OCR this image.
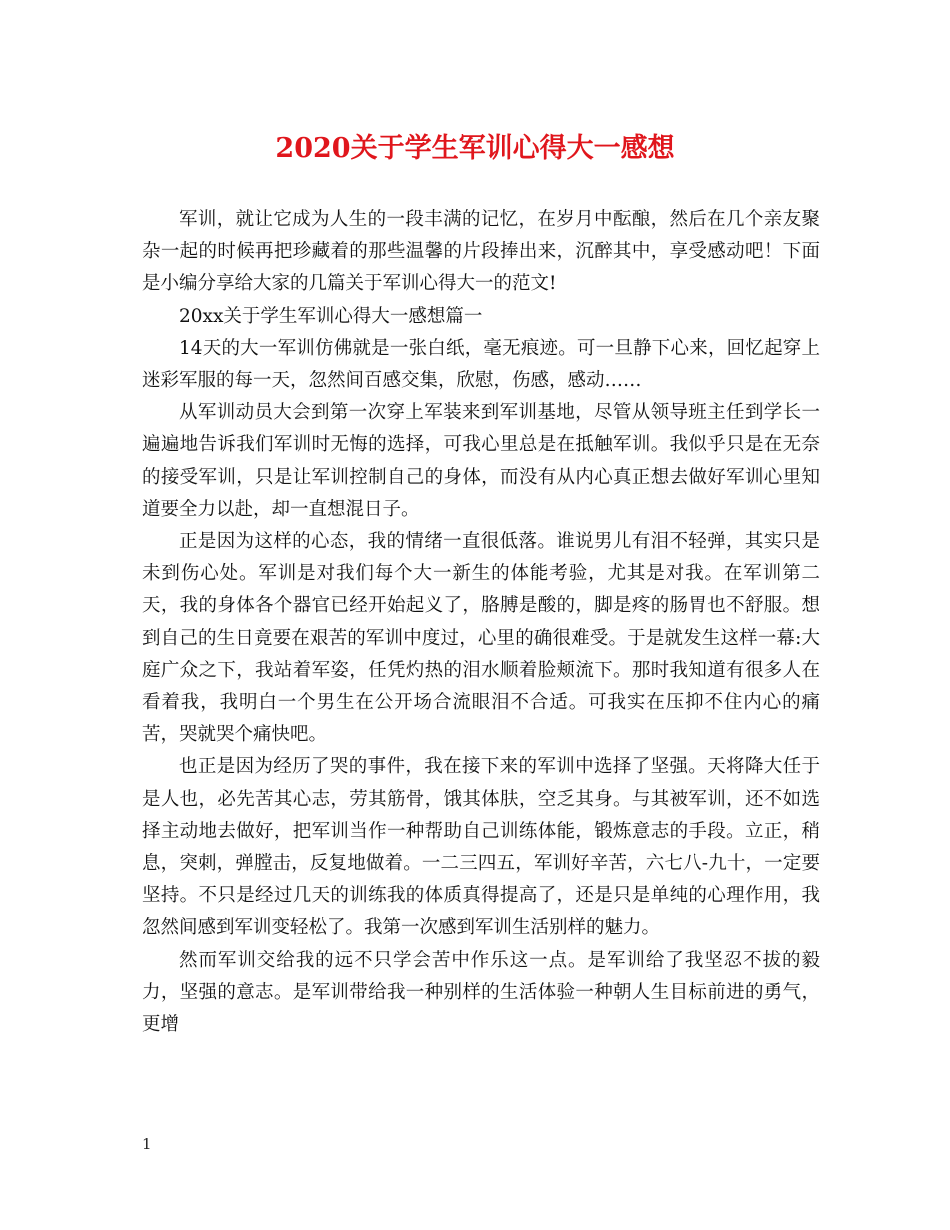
2020关于学生军训心得大一感想

军训，就让它成为人生的一段丰满的记忆，在岁月中酝酿，然后在几个亲友聚杂一起的时候再把珍藏着的那些温馨的片段捧出来，沉醉其中，享受感动吧！下面是小编分享给大家的几篇关于军训心得大一的范文!

20xx关于学生军训心得大一感想篇一

14天的大一军训仿佛就是一张白纸，毫无痕迹。可一旦静下心来，回忆起穿上迷彩军服的每一天，忽然间百感交集，欣慰，伤感，感动……

从军训动员大会到第一次穿上军装来到军训基地，尽管从领导班主任到学长一遍遍地告诉我们军训时无悔的选择，可我心里总是在抵触军训。我似乎只是在无奈的接受军训，只是让军训控制自己的身体，而没有从内心真正想去做好军训心里知道要全力以赴，却一直想混日子。

正是因为这样的心态，我的情绪一直很低落。谁说男儿有泪不轻弹，其实只是未到伤心处。军训是对我们每个大一新生的体能考验，尤其是对我。在军训第二天，我的身体各个器官已经开始起义了，胳膊是酸的，脚是疼的肠胃也不舒服。想到自己的生日竟要在艰苦的军训中度过，心里的确很难受。于是就发生这样一幕:大庭广众之下，我站着军姿，任凭灼热的泪水顺着脸颊流下。那时我知道有很多人在看着我，我明白一个男生在公开场合流眼泪不合适。可我实在压抑不住内心的痛苦，哭就哭个痛快吧。

也正是因为经历了哭的事件，我在接下来的军训中选择了坚强。天将降大任于是人也，必先苦其心志，劳其筋骨，饿其体肤，空乏其身。与其被军训，还不如选择主动地去做好，把军训当作一种帮助自己训练体能，锻炼意志的手段。立正，稍息，突刺，弹膛击，反复地做着。一二三四五，军训好辛苦，六七八-九十，一定要坚持。不只是经过几天的训练我的体质真得提高了，还是只是单纯的心理作用，我忽然间感到军训变轻松了。我第一次感到军训生活别样的魅力。

然而军训交给我的远不只学会苦中作乐这一点。是军训给了我坚忍不拔的毅力，坚强的意志。是军训带给我一种别样的生活体验一种朝人生目标前进的勇气，更增

1
